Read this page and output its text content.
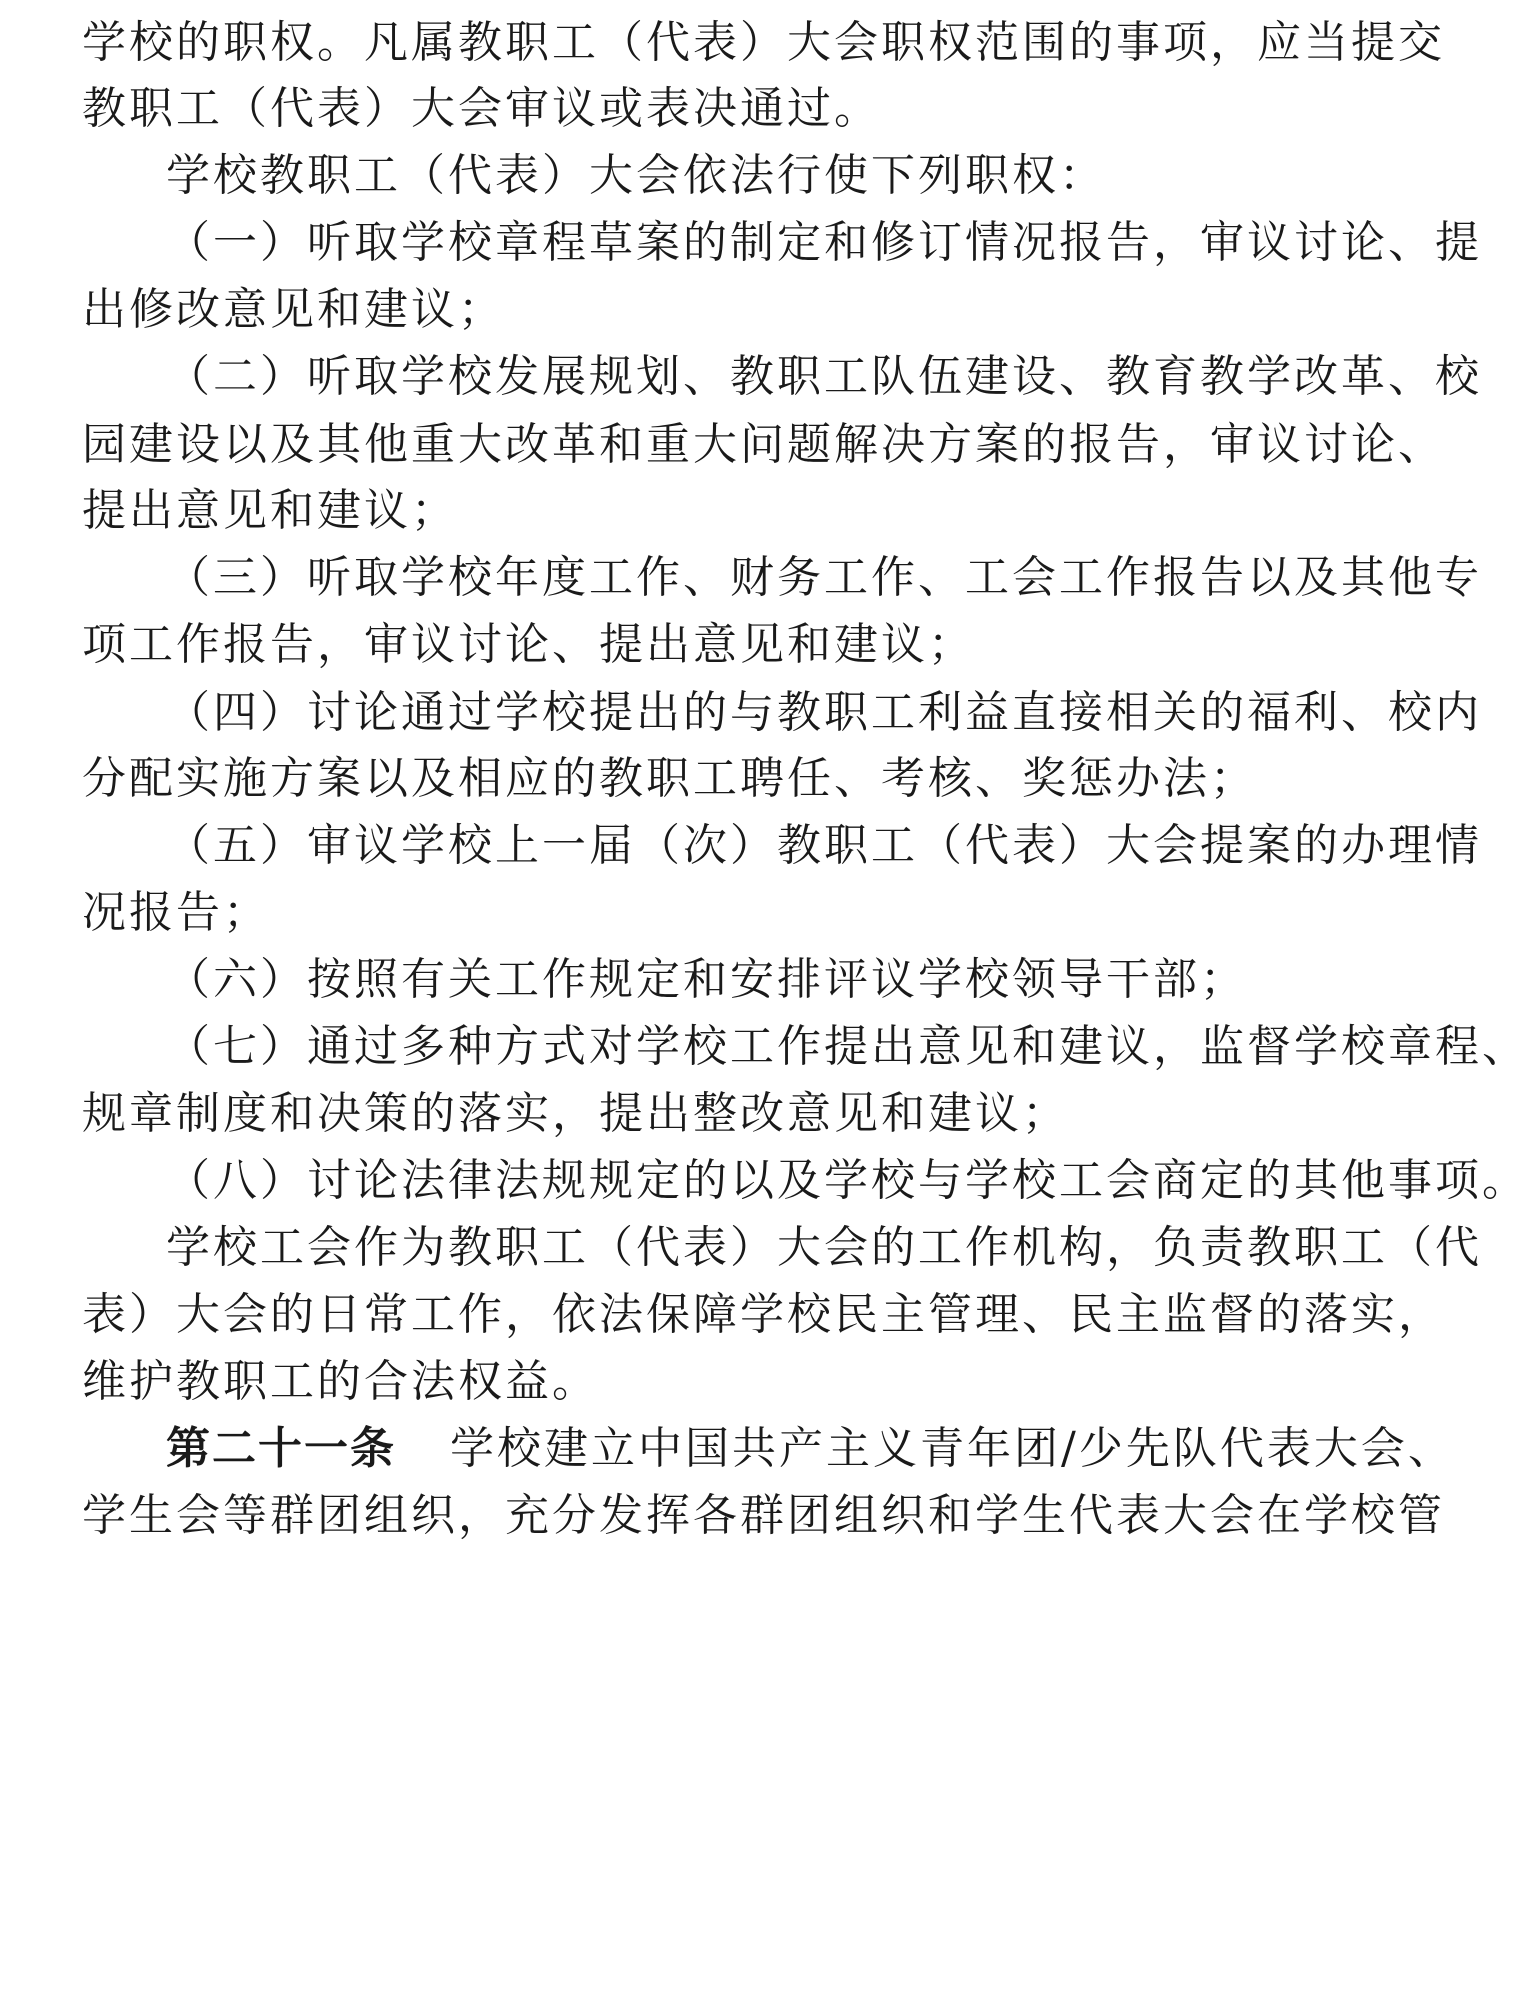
学校的职权。凡属教职工（代表）大会职权范围的事项，应当提交
教职工（代表）大会审议或表决通过。
学校教职工（代表）大会依法行使下列职权：
（一）听取学校章程草案的制定和修订情况报告，审议讨论、提
出修改意见和建议；
（二）听取学校发展规划、教职工队伍建设、教育教学改革、校
园建设以及其他重大改革和重大问题解决方案的报告，审议讨论、
提出意见和建议；
（三）听取学校年度工作、财务工作、工会工作报告以及其他专
项工作报告，审议讨论、提出意见和建议；
（四）讨论通过学校提出的与教职工利益直接相关的福利、校内
分配实施方案以及相应的教职工聘任、考核、奖惩办法；
（五）审议学校上一届（次）教职工（代表）大会提案的办理情
况报告；
（六）按照有关工作规定和安排评议学校领导干部；
（七）通过多种方式对学校工作提出意见和建议，监督学校章程、
规章制度和决策的落实，提出整改意见和建议；
（八）讨论法律法规规定的以及学校与学校工会商定的其他事项。
学校工会作为教职工（代表）大会的工作机构，负责教职工（代
表）大会的日常工作，依法保障学校民主管理、民主监督的落实，
维护教职工的合法权益。
第二十一条 学校建立中国共产主义青年团/少先队代表大会、
学生会等群团组织，充分发挥各群团组织和学生代表大会在学校管
